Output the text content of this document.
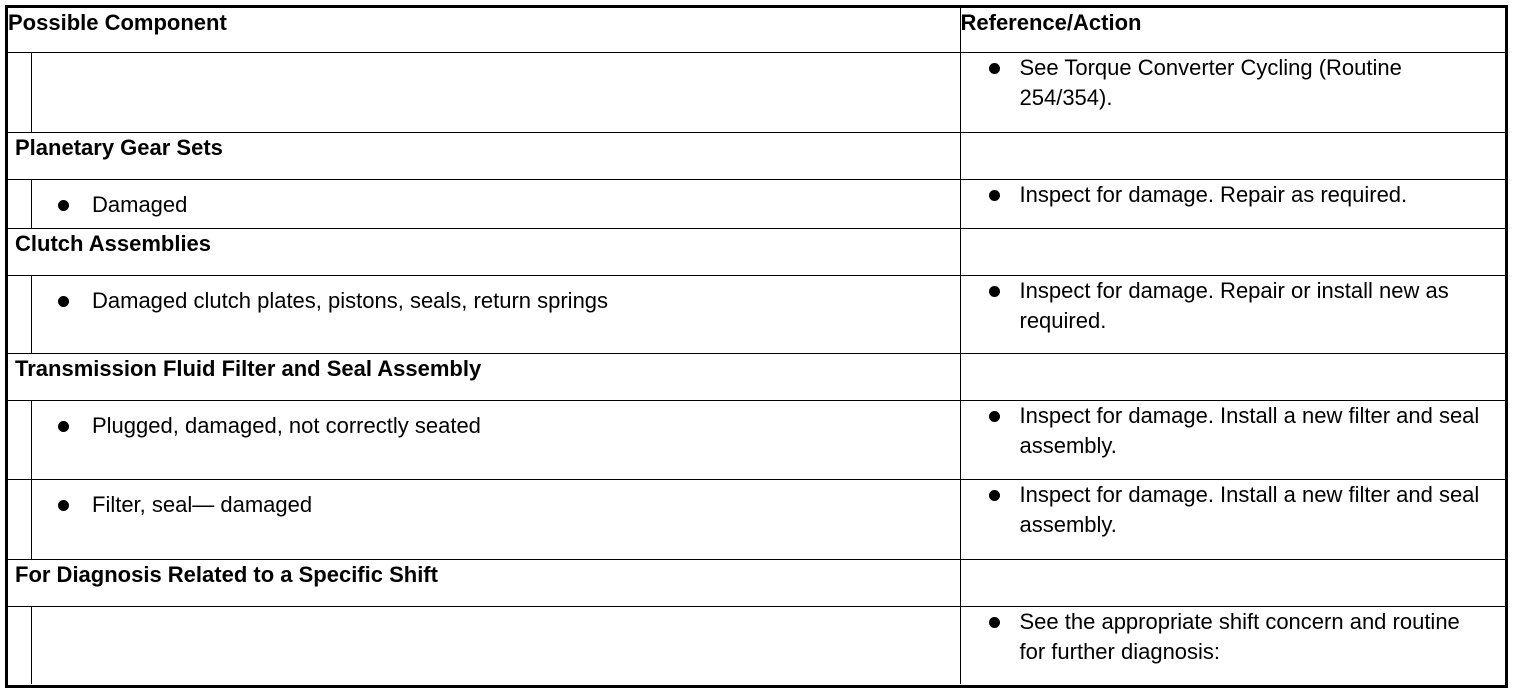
Possible Component	Reference/Action

	See Torque Converter Cycling (Routine 254/354).

Planetary Gear Sets	

Damaged	Inspect for damage. Repair as required.

Clutch Assemblies	

Damaged clutch plates, pistons, seals, return springs	Inspect for damage. Repair or install new as required.

Transmission Fluid Filter and Seal Assembly	

Plugged, damaged, not correctly seated	Inspect for damage. Install a new filter and seal assembly.

Filter, seal— damaged	Inspect for damage. Install a new filter and seal assembly.

For Diagnosis Related to a Specific Shift	

	See the appropriate shift concern and routine for further diagnosis:
